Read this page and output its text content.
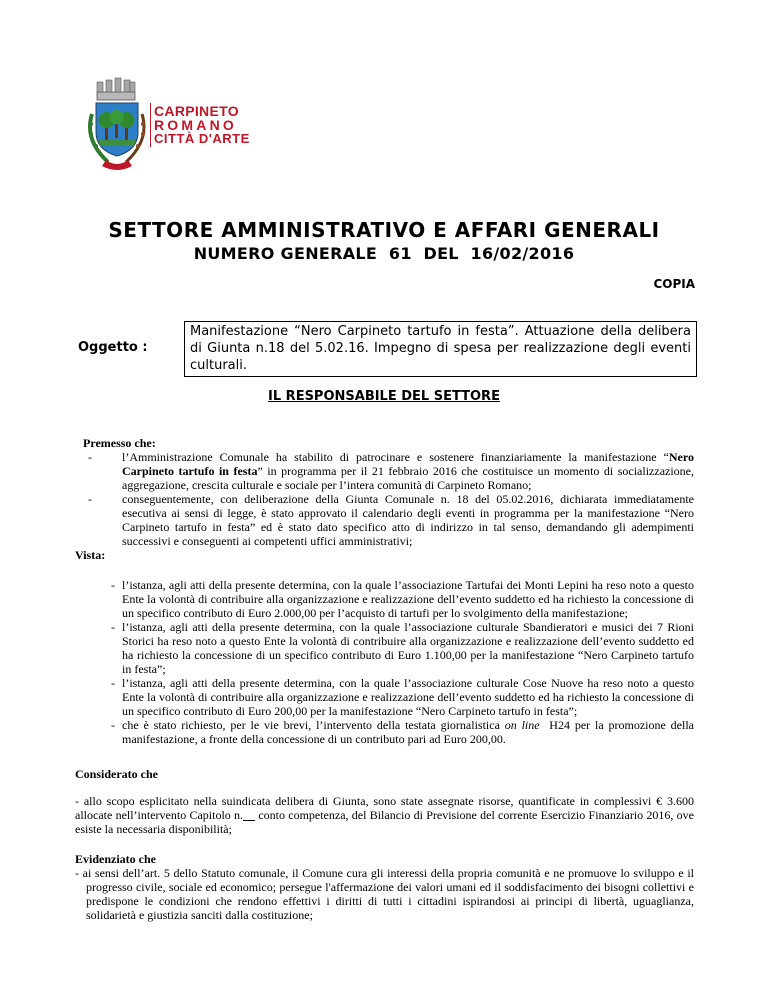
CARPINETO
ROMANO
CITTÀ D'ARTE
SETTORE AMMINISTRATIVO E AFFARI GENERALI
NUMERO GENERALE  61  DEL  16/02/2016
COPIA
Oggetto :
Manifestazione “Nero Carpineto tartufo in festa”. Attuazione della delibera di Giunta n.18 del 5.02.16. Impegno di spesa per realizzazione degli eventi culturali.
IL RESPONSABILE DEL SETTORE

Premesso che:

-	l’Amministrazione Comunale ha stabilito di patrocinare e sostenere finanziariamente la manifestazione “Nero Carpineto tartufo in festa” in programma per il 21 febbraio 2016 che costituisce un momento di socializzazione, aggregazione, crescita culturale e sociale per l’intera comunità di Carpineto Romano;
-	conseguentemente, con deliberazione della Giunta Comunale n. 18 del 05.02.2016, dichiarata immediatamente esecutiva ai sensi di legge, è stato approvato il calendario degli eventi in programma per la manifestazione “Nero Carpineto tartufo in festa” ed è stato dato specifico atto di indirizzo in tal senso, demandando gli adempimenti successivi e conseguenti ai competenti uffici amministrativi;

Vista:

- l’istanza, agli atti della presente determina, con la quale l’associazione Tartufai dei Monti Lepini ha reso noto a questo Ente la volontà di contribuire alla organizzazione e realizzazione dell’evento suddetto ed ha richiesto la concessione di un specifico contributo di Euro 2.000,00 per l’acquisto di tartufi per lo svolgimento della manifestazione;
- l’istanza, agli atti della presente determina, con la quale l’associazione culturale Sbandieratori e musici dei 7 Rioni Storici ha reso noto a questo Ente la volontà di contribuire alla organizzazione e realizzazione dell’evento suddetto ed ha richiesto la concessione di un specifico contributo di Euro 1.100,00 per la manifestazione “Nero Carpineto tartufo in festa”;
- l’istanza, agli atti della presente determina, con la quale l’associazione culturale Cose Nuove ha reso noto a questo Ente la volontà di contribuire alla organizzazione e realizzazione dell’evento suddetto ed ha richiesto la concessione di un specifico contributo di Euro 200,00 per la manifestazione “Nero Carpineto tartufo in festa”;
- che è stato richiesto, per le vie brevi, l’intervento della testata giornalistica on line  H24 per la promozione della manifestazione, a fronte della concessione di un contributo pari ad Euro 200,00.

Considerato che

- allo scopo esplicitato nella suindicata delibera di Giunta, sono state assegnate risorse, quantificate in complessivi € 3.600 allocate nell’intervento Capitolo n.__ conto competenza, del Bilancio di Previsione del corrente Esercizio Finanziario 2016, ove esiste la necessaria disponibilità;

Evidenziato che

- ai sensi dell’art. 5 dello Statuto comunale, il Comune cura gli interessi della propria comunità e ne promuove lo sviluppo e il progresso civile, sociale ed economico; persegue l'affermazione dei valori umani ed il soddisfacimento dei bisogni collettivi e predispone le condizioni che rendono effettivi i diritti di tutti i cittadini ispirandosi ai principi di libertà, uguaglianza, solidarietà e giustizia sanciti dalla costituzione;
